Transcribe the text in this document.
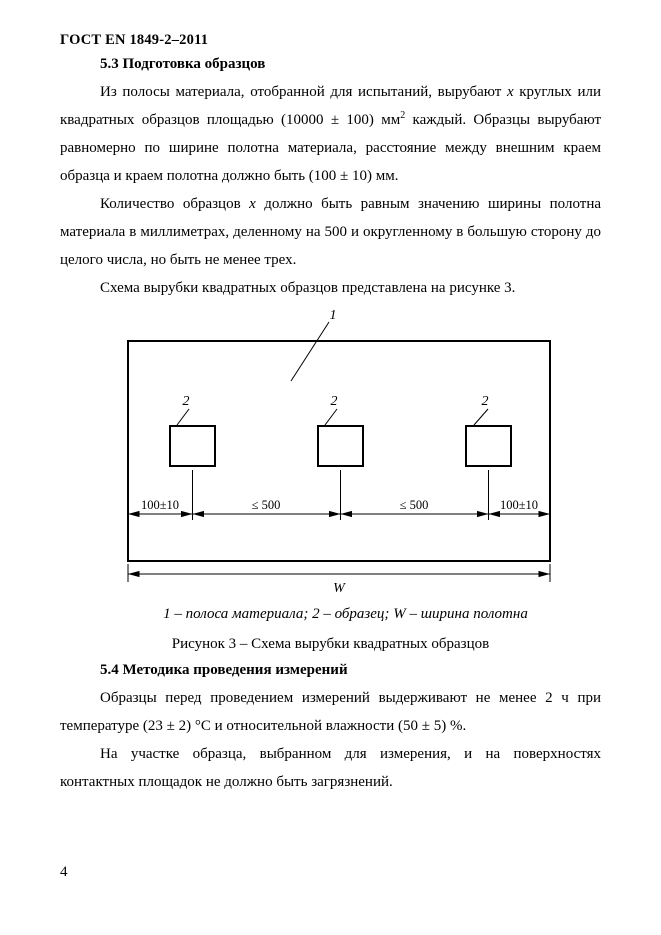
ГОСТ EN 1849-2–2011

5.3 Подготовка образцов

Из полосы материала, отобранной для испытаний, вырубают x круглых или квадратных образцов площадью (10000 ± 100) $мм^2$ каждый. Образцы вырубают равномерно по ширине полотна материала, расстояние между внешним краем образца и краем полотна должно быть (100 ± 10) мм.

Количество образцов x должно быть равным значению ширины полотна материала в миллиметрах, деленному на 500 и округленному в большую сторону до целого числа, но быть не менее трех.

Схема вырубки квадратных образцов представлена на рисунке 3.

1
2	2	2
100±10	≤ 500	≤ 500	100±10
W

1 – полоса материала; 2 – образец; W – ширина полотна

Рисунок 3 – Схема вырубки квадратных образцов

5.4 Методика проведения измерений

Образцы перед проведением измерений выдерживают не менее 2 ч при температуре (23 ± 2) °С и относительной влажности (50 ± 5) %.

На участке образца, выбранном для измерения, и на поверхностях контактных площадок не должно быть загрязнений.

4
